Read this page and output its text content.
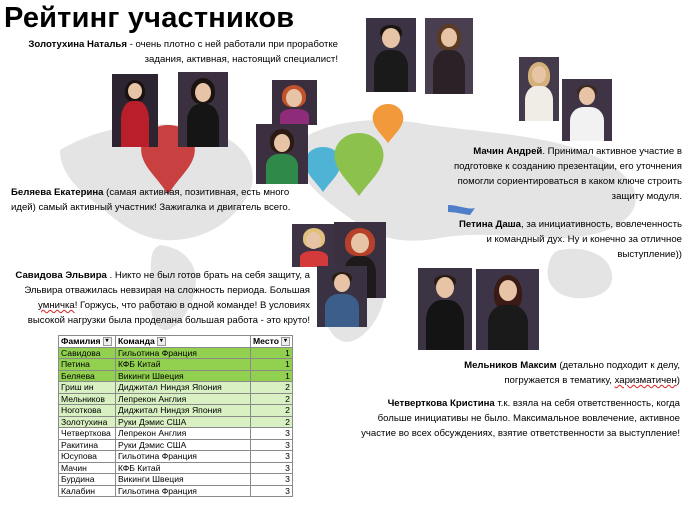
Рейтинг участников
Золотухина Наталья - очень плотно с ней работали при проработке задания, активная, настоящий специалист!
Беляева Екатерина (самая активная, позитивная, есть много идей) самый активный участник! Зажигалка и двигатель всего.
Савидова Эльвира . Никто не был готов брать на себя защиту, а Эльвира отважилась невзирая на сложность периода. Большая умничка! Горжусь, что работаю в одной команде! В условиях высокой нагрузки была проделана большая работа - это круто!
Мачин Андрей. Принимал активное участие в подготовке к созданию презентации, его уточнения помогли сориентироваться в каком ключе строить защиту модуля.
Петина Даша, за инициативность, вовлеченность и командный дух. Ну и конечно за отличное выступление))
Мельников Максим (детально подходит к делу, погружается в тематику, харизматичен)
Четверткова Кристина т.к. взяла на себя ответственность, когда больше инициативы не было. Максимальное вовлечение, активное участие во всех обсуждениях, взятие ответственности за выступление!
Фамилия ▾	Команда ▾	Место ▾
Савидова	Гильотина Франция	1
Петина	КФБ Китай	1
Беляева	Викинги Швеция	1
Гриш ин	Диджитал Ниндзя Япония	2
Мельников	Лепрекон Англия	2
Ноготкова	Диджитал Ниндзя Япония	2
Золотухина	Руки Дэмис США	2
Четверткова	Лепрекон Англия	3
Ракитина	Руки Дэмис США	3
Юсупова	Гильотина Франция	3
Мачин	КФБ Китай	3
Бурдина	Викинги Швеция	3
Калабин	Гильотина Франция	3
